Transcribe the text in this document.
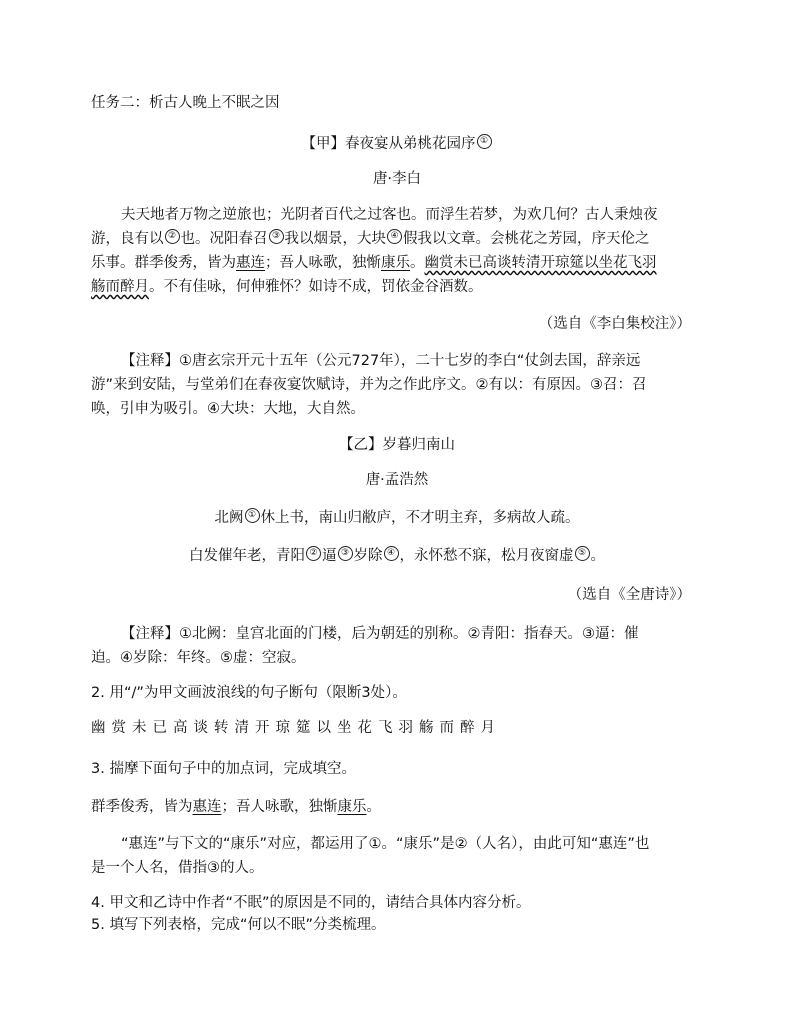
任务二：析古人晚上不眠之因
【甲】春夜宴从弟桃花园序 ①
唐·李白
夫天地者万物之逆旅也；光阴者百代之过客也。而浮生若梦，为欢几何？古人秉烛夜
游，良有以 ② 也。况阳春召 ③ 我以烟景，大块 ④ 假我以文章。会桃花之芳园，序天伦之
乐事。群季俊秀，皆为惠连；吾人咏歌，独惭康乐。幽赏未已高谈转清开琼筵以坐花飞羽
觞而醉月。不有佳咏，何伸雅怀？如诗不成，罚依金谷酒数。
（选自《李白集校注》）
【注释】①唐玄宗开元十五年（公元727年），二十七岁的李白“仗剑去国，辞亲远
游”来到安陆，与堂弟们在春夜宴饮赋诗，并为之作此序文。②有以：有原因。③召：召
唤，引申为吸引。④大块：大地，大自然。
【乙】岁暮归南山
唐·孟浩然
北阙 ① 休上书，南山归敝庐，不才明主弃，多病故人疏。
白发催年老，青阳 ② 逼 ③ 岁除 ④ ，永怀愁不寐，松月夜窗虚 ⑤ 。
（选自《全唐诗》）
【注释】①北阙：皇宫北面的门楼，后为朝廷的别称。②青阳：指春天。③逼：催
迫。④岁除：年终。⑤虚：空寂。
2. 用“/”为甲文画波浪线的句子断句（限断3处）。
幽赏未已高谈转清开琼筵以坐花飞羽觞而醉月
3. 揣摩下面句子中的加点词，完成填空。
群季俊秀，皆为惠连；吾人咏歌，独惭康乐。
“惠连”与下文的“康乐”对应，都运用了①。“康乐”是②（人名），由此可知“惠连”也
是一个人名，借指③的人。
4. 甲文和乙诗中作者“不眠”的原因是不同的，请结合具体内容分析。
5. 填写下列表格，完成“何以不眠”分类梳理。
